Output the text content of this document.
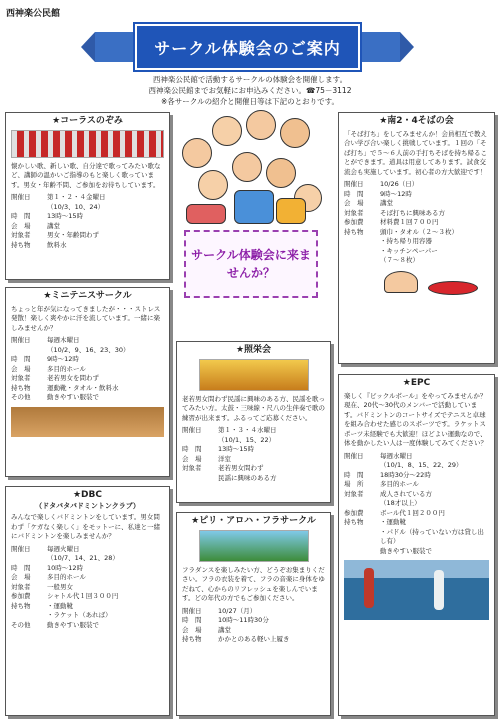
西神楽公民館
サークル体験会のご案内
西神楽公民館で活動するサークルの体験会を開催します。
西神楽公民館までお気軽にお申込みください。☎75－3112
※各サークルの紹介と開催日等は下記のとおりです。
★コーラスのぞみ
懐かしい歌、新しい歌、自分達で歌ってみたい歌など、講師の温かいご指導のもと楽しく歌っています。男女・年齢不問、ご参加をお待ちしています。
開催日	第１・２・４金曜日
（10/3、10、24）
時　間	13時～15時
会　場	講堂
対象者	男女・年齢問わず
持ち物	飲料水
★ミニテニスサークル
ちょっと年が気になってきましたが・・・ストレス発散！楽しく爽やかに汗を流しています。一緒に楽しみませんか？
開催日	毎週木曜日
（10/2、9、16、23、30）
時　間	9時～12時
会　場	多目的ホール
対象者	老若男女を問わず
持ち物	運動靴・タオル・飲料水
その他	動きやすい服装で
★DBC
（ドタバタバドミントンクラブ）
みんなで楽しくバドミントンをしています。男女問わず「ケガなく楽しく」をモットーに、私達と一緒にバドミントンを楽しみませんか？
開催日	毎週火曜日
（10/7、14、21、28）
時　間	10時～12時
会　場	多目的ホール
対象者	一般男女
参加費	シャトル代１回３００円
持ち物	・運動靴
・ラケット（あれば）
その他	動きやすい服装で
サークル体験会に来ませんか？
★照栄会
老若男女問わず民謡に興味のある方、民謡を歌ってみたい方。太鼓・三味線・尺八の生伴奏で歌の練習が出来ます。ふるってご応募ください。
開催日	第１・３・４水曜日
（10/1、15、22）
時　間	13時～15時
会　場	洋室
対象者	老若男女問わず
民謡に興味のある方
★ピリ・アロハ・フラサークル
フラダンスを楽しみたい方、どうぞお集まりください。フラの衣装を着て、フラの音楽に身体をゆだねて、心からのリフレッシュを楽しんでいます。どの年代の方でもご参加ください。
開催日	10/27（月）
時　間	10時～11時30分
会　場	講堂
持ち物	かかとのある軽い上履き
★南2・4そばの会
「そば打ち」をしてみませんか！会員相互で教え合い学び合い楽しく挑戦しています。１回の「そば打ち」で５～６人前の手打ちそばを持ち帰ることができます。道具は用意してあります。試食交流会も実施しています。初心者の方大歓迎です！
開催日	10/26（日）
時　間	9時～12時
会　場	講堂
対象者	そば打ちに興味ある方
参加費	材料費１回７００円
持ち物	頭巾・タオル（２～３枚）
・持ち帰り用容器
・キッチンペーパー
（７～８枚）
★EPC
楽しく『ピックルボール』をやってみませんか？現在、20代～30代のメンバーで活動しています。バドミントンのコートサイズでテニスと卓球を組み合わせた感じのスポーツです。ラケットスポーツ未経験でも大歓迎！ほどよい運動なので、体を動かしたい人は一度体験してみてください？
開催日	毎週水曜日
（10/1、8、15、22、29）
時　間	18時30分～22時
場　所	多目的ホール
対象者	成人されている方
（18才以上）
参加費	ボール代１回２００円
持ち物	・運動靴
・パドル（持っていない方は貸し出し有）
動きやすい服装で
